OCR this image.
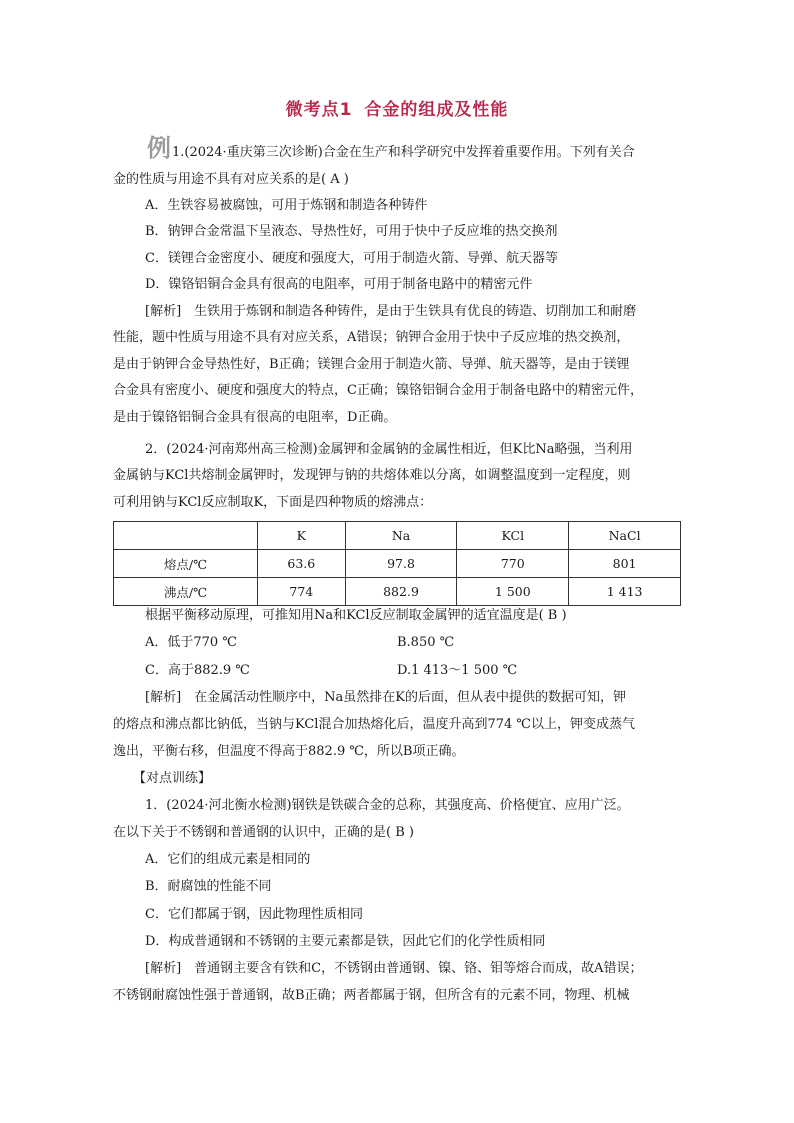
微考点1 合金的组成及性能
例 1.(2024·重庆第三次诊断)合金在生产和科学研究中发挥着重要作用。下列有关合
金的性质与用途不具有对应关系的是( A )
A．生铁容易被腐蚀，可用于炼钢和制造各种铸件
B．钠钾合金常温下呈液态、导热性好，可用于快中子反应堆的热交换剂
C．镁锂合金密度小、硬度和强度大，可用于制造火箭、导弹、航天器等
D．镍铬铝铜合金具有很高的电阻率，可用于制备电路中的精密元件
[解析]　生铁用于炼钢和制造各种铸件，是由于生铁具有优良的铸造、切削加工和耐磨
性能，题中性质与用途不具有对应关系，A错误；钠钾合金用于快中子反应堆的热交换剂，
是由于钠钾合金导热性好，B正确；镁锂合金用于制造火箭、导弹、航天器等，是由于镁锂
合金具有密度小、硬度和强度大的特点，C正确；镍铬铝铜合金用于制备电路中的精密元件，
是由于镍铬铝铜合金具有很高的电阻率，D正确。
2．(2024·河南郑州高三检测)金属钾和金属钠的金属性相近，但K比Na略强，当利用
金属钠与KCl共熔制金属钾时，发现钾与钠的共熔体难以分离，如调整温度到一定程度，则
可利用钠与KCl反应制取K，下面是四种物质的熔沸点：
	K	Na	KCl	NaCl
熔点/℃	63.6	97.8	770	801
沸点/℃	774	882.9	1 500	1 413
根据平衡移动原理，可推知用Na和KCl反应制取金属钾的适宜温度是( B )
A．低于770 ℃	B.850 ℃
C．高于882.9 ℃	D.1 413～1 500 ℃
[解析]　在金属活动性顺序中，Na虽然排在K的后面，但从表中提供的数据可知，钾
的熔点和沸点都比钠低，当钠与KCl混合加热熔化后，温度升高到774 ℃以上，钾变成蒸气
逸出，平衡右移，但温度不得高于882.9 ℃，所以B项正确。
【对点训练】
1．(2024·河北衡水检测)钢铁是铁碳合金的总称，其强度高、价格便宜、应用广泛。
在以下关于不锈钢和普通钢的认识中，正确的是( B )
A．它们的组成元素是相同的
B．耐腐蚀的性能不同
C．它们都属于钢，因此物理性质相同
D．构成普通钢和不锈钢的主要元素都是铁，因此它们的化学性质相同
[解析]　普通钢主要含有铁和C，不锈钢由普通钢、镍、铬、钼等熔合而成，故A错误；
不锈钢耐腐蚀性强于普通钢，故B正确；两者都属于钢，但所含有的元素不同，物理、机械
